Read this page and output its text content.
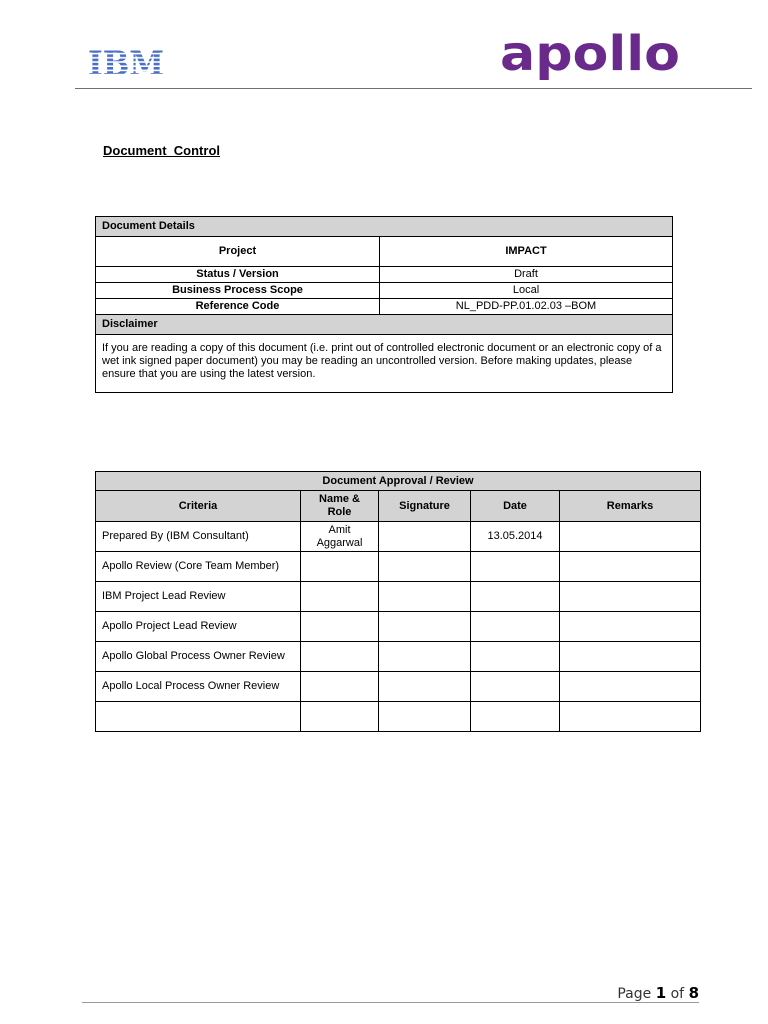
IBM	apollo
Document  Control
Document Details	
Project	IMPACT
Status / Version	Draft
Business Process Scope	Local
Reference Code	NL_PDD-PP.01.02.03 –BOM
Disclaimer	
If you are reading a copy of this document (i.e. print out of controlled electronic document or an electronic copy of a wet ink signed paper document) you may be reading an uncontrolled version. Before making updates, please ensure that you are using the latest version.	
Document Approval / Review				
Criteria	Name & Role	Signature	Date	Remarks
Prepared By (IBM Consultant)	Amit Aggarwal		13.05.2014	
Apollo Review (Core Team Member)				
IBM Project Lead Review				
Apollo Project Lead Review				
Apollo Global Process Owner Review				
Apollo Local Process Owner Review				

Page 1 of 8
